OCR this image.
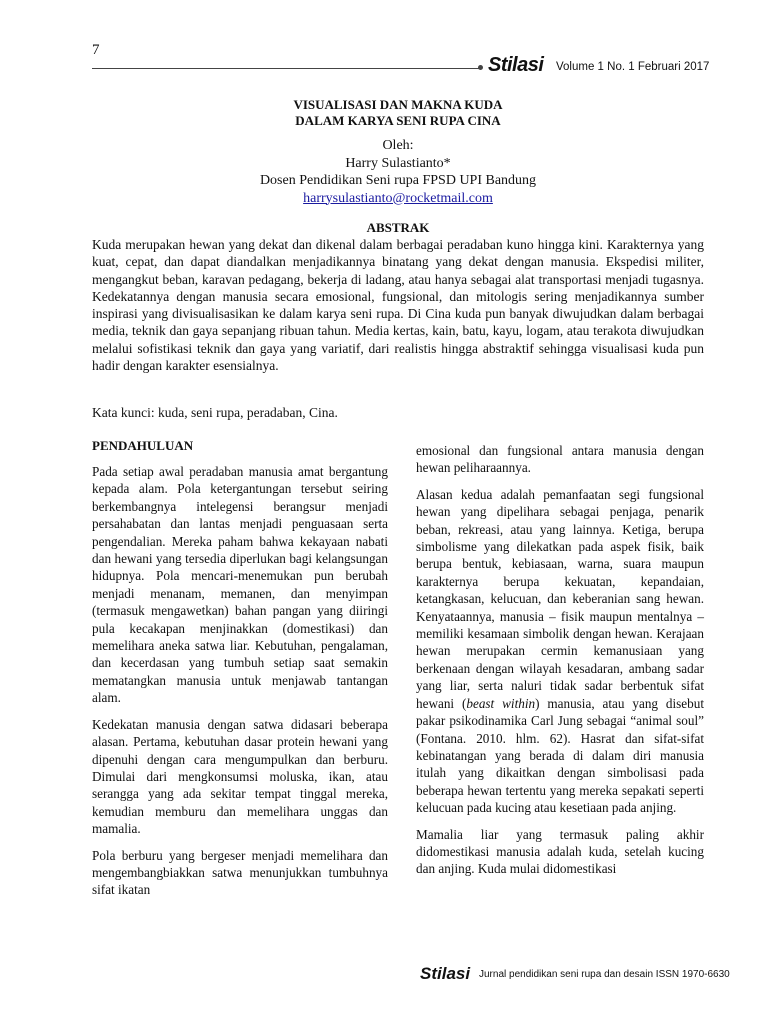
7
Stilasi Volume 1 No. 1 Februari 2017

VISUALISASI DAN MAKNA KUDA

DALAM KARYA SENI RUPA CINA

Oleh:
Harry Sulastianto*
Dosen Pendidikan Seni rupa FPSD UPI Bandung
harrysulastianto@rocketmail.com
ABSTRAK

Kuda merupakan hewan yang dekat dan dikenal dalam berbagai peradaban kuno hingga kini. Karakternya yang kuat, cepat, dan dapat diandalkan menjadikannya binatang yang dekat dengan manusia. Ekspedisi militer, mengangkut beban, karavan pedagang, bekerja di ladang, atau hanya sebagai alat transportasi menjadi tugasnya. Kedekatannya dengan manusia secara emosional, fungsional, dan mitologis sering menjadikannya sumber inspirasi yang divisualisasikan ke dalam karya seni rupa. Di Cina kuda pun banyak diwujudkan dalam berbagai media, teknik dan gaya sepanjang ribuan tahun. Media kertas, kain, batu, kayu, logam, atau terakota diwujudkan melalui sofistikasi teknik dan gaya yang variatif, dari realistis hingga abstraktif sehingga visualisasi kuda pun hadir dengan karakter esensialnya.

Kata kunci: kuda, seni rupa, peradaban, Cina.

PENDAHULUAN

Pada setiap awal peradaban manusia amat bergantung kepada alam. Pola ketergantungan tersebut seiring berkembangnya intelegensi berangsur menjadi persahabatan dan lantas menjadi penguasaan serta pengendalian. Mereka paham bahwa kekayaan nabati dan hewani yang tersedia diperlukan bagi kelangsungan hidupnya. Pola mencari-menemukan pun berubah menjadi menanam, memanen, dan menyimpan (termasuk mengawetkan) bahan pangan yang diiringi pula kecakapan menjinakkan (domestikasi) dan memelihara aneka satwa liar. Kebutuhan, pengalaman, dan kecerdasan yang tumbuh setiap saat semakin mematangkan manusia untuk menjawab tantangan alam.

Kedekatan manusia dengan satwa didasari beberapa alasan. Pertama, kebutuhan dasar protein hewani yang dipenuhi dengan cara mengumpulkan dan berburu. Dimulai dari mengkonsumsi moluska, ikan, atau serangga yang ada sekitar tempat tinggal mereka, kemudian memburu dan memelihara unggas dan mamalia.

Pola berburu yang bergeser menjadi memelihara dan mengembangbiakkan satwa menunjukkan tumbuhnya sifat ikatan

emosional dan fungsional antara manusia dengan hewan peliharaannya.

Alasan kedua adalah pemanfaatan segi fungsional hewan yang dipelihara sebagai penjaga, penarik beban, rekreasi, atau yang lainnya. Ketiga, berupa simbolisme yang dilekatkan pada aspek fisik, baik berupa bentuk, kebiasaan, warna, suara maupun karakternya berupa kekuatan, kepandaian, ketangkasan, kelucuan, dan keberanian sang hewan. Kenyataannya, manusia – fisik maupun mentalnya – memiliki kesamaan simbolik dengan hewan. Kerajaan hewan merupakan cermin kemanusiaan yang berkenaan dengan wilayah kesadaran, ambang sadar yang liar, serta naluri tidak sadar berbentuk sifat hewani (beast within) manusia, atau yang disebut pakar psikodinamika Carl Jung sebagai “animal soul” (Fontana. 2010. hlm. 62). Hasrat dan sifat-sifat kebinatangan yang berada di dalam diri manusia itulah yang dikaitkan dengan simbolisasi pada beberapa hewan tertentu yang mereka sepakati seperti kelucuan pada kucing atau kesetiaan pada anjing.

Mamalia liar yang termasuk paling akhir didomestikasi manusia adalah kuda, setelah kucing dan anjing. Kuda mulai didomestikasi

Stilasi Jurnal pendidikan seni rupa dan desain ISSN 1970-6630
